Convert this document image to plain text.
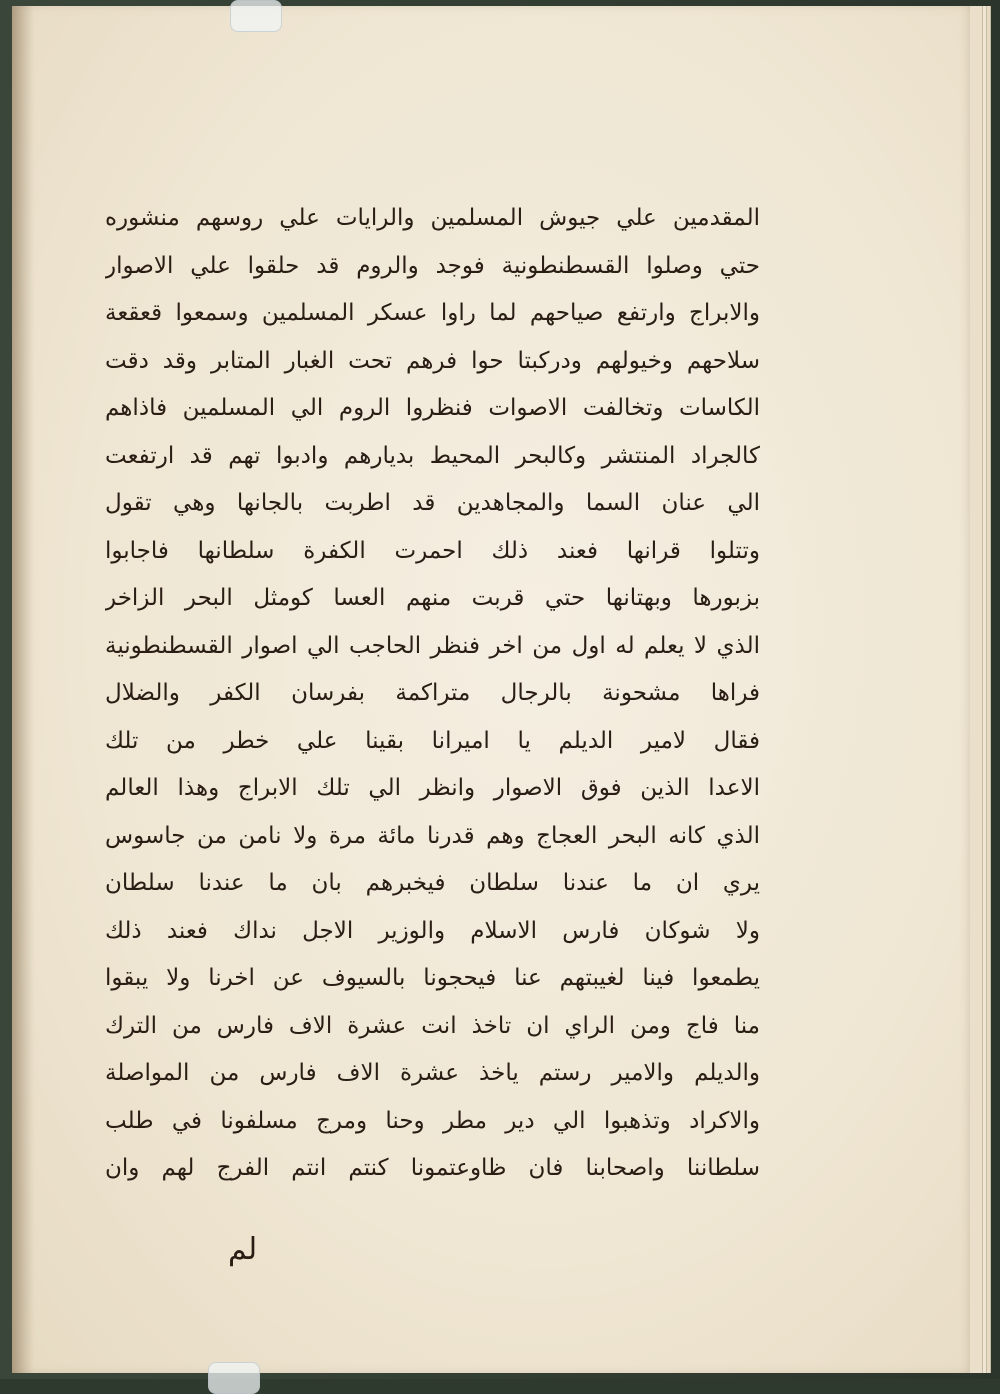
المقدمين علي جيوش المسلمين والرايات علي روسهم منشوره

حتي وصلوا القسطنطونية فوجد والروم قد حلقوا علي الاصوار

والابراج وارتفع صياحهم لما راوا عسكر المسلمين وسمعوا قعقعة

سلاحهم وخيولهم ودركبتا حوا فرهم تحت الغبار المتابر وقد دقت

الكاسات وتخالفت الاصوات فنظروا الروم الي المسلمين فاذاهم

كالجراد المنتشر وكالبحر المحيط بديارهم وادبوا تهم قد ارتفعت

الي عنان السما والمجاهدين قد اطربت بالجانها وهي تقول

وتتلوا قرانها فعند ذلك احمرت الكفرة سلطانها فاجابوا

بزبورها وبهتانها حتي قربت منهم العسا كومثل البحر الزاخر

الذي لا يعلم له اول من اخر فنظر الحاجب الي اصوار القسطنطونية

فراها مشحونة بالرجال متراكمة بفرسان الكفر والضلال

فقال لامير الديلم يا اميرانا بقينا علي خطر من تلك

الاعدا الذين فوق الاصوار وانظر الي تلك الابراج وهذا العالم

الذي كانه البحر العجاج وهم قدرنا مائة مرة ولا نامن من جاسوس

يري ان ما عندنا سلطان فيخبرهم بان ما عندنا سلطان

ولا شوكان فارس الاسلام والوزير الاجل نداك فعند ذلك

يطمعوا فينا لغيبتهم عنا فيحجونا بالسيوف عن اخرنا ولا يبقوا

منا فاج ومن الراي ان تاخذ انت عشرة الاف فارس من الترك

والديلم والامير رستم ياخذ عشرة الاف فارس من المواصلة

والاكراد وتذهبوا الي دير مطر وحنا ومرج مسلفونا في طلب

سلطاننا واصحابنا فان ظاوعتمونا كنتم انتم الفرج لهم وان

لم
